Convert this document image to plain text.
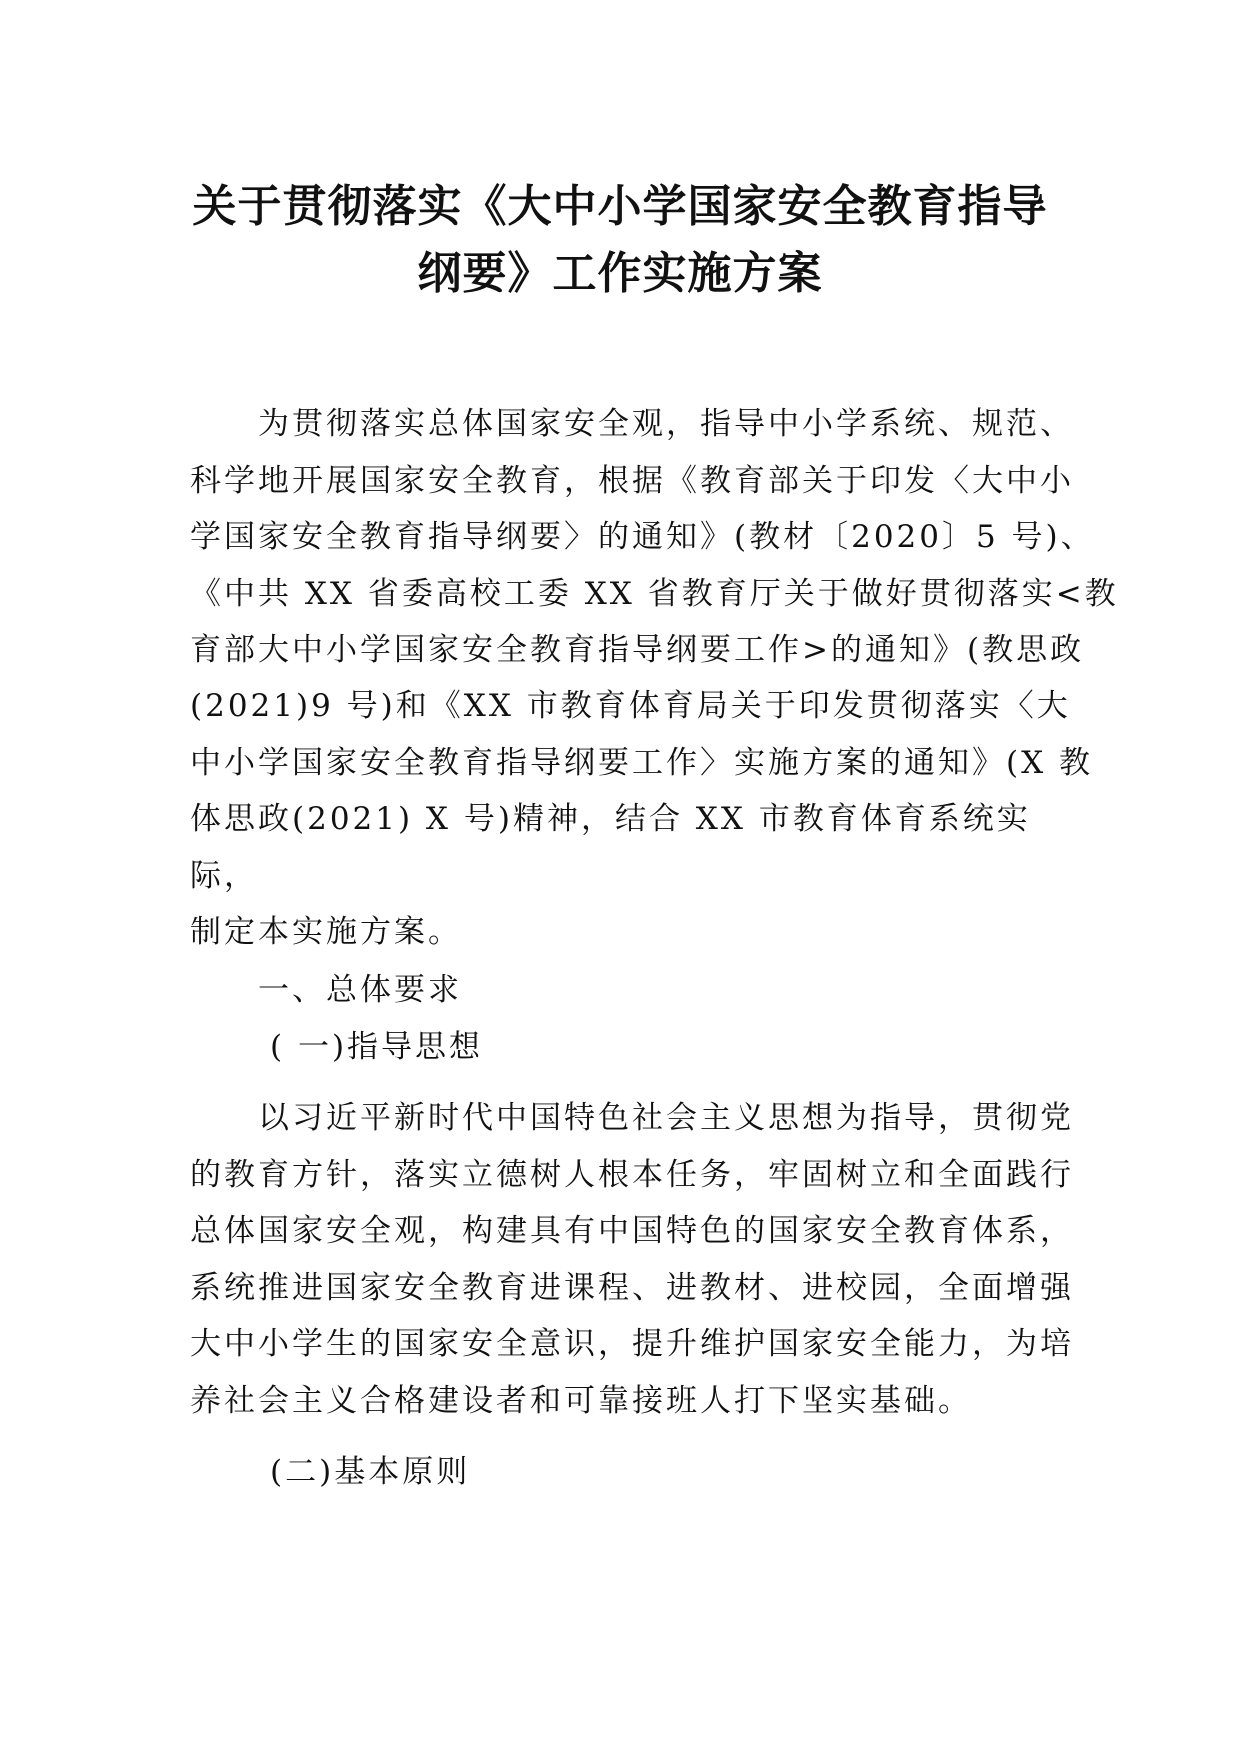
关于贯彻落实《大中小学国家安全教育指导
纲要》工作实施方案

为贯彻落实总体国家安全观，指导中小学系统、规范、

科学地开展国家安全教育，根据《教育部关于印发〈大中小

学国家安全教育指导纲要〉的通知》(教材〔2020〕5 号)、

《中共 XX 省委高校工委 XX 省教育厅关于做好贯彻落实<教

育部大中小学国家安全教育指导纲要工作>的通知》(教思政

(2021)9 号)和《XX 市教育体育局关于印发贯彻落实〈大

中小学国家安全教育指导纲要工作〉实施方案的通知》(X 教

体思政(2021) X 号)精神，结合 XX 市教育体育系统实

际，

制定本实施方案。

一、总体要求

( 一)指导思想

以习近平新时代中国特色社会主义思想为指导，贯彻党

的教育方针，落实立德树人根本任务，牢固树立和全面践行

总体国家安全观，构建具有中国特色的国家安全教育体系，

系统推进国家安全教育进课程、进教材、进校园，全面增强

大中小学生的国家安全意识，提升维护国家安全能力，为培

养社会主义合格建设者和可靠接班人打下坚实基础。

(二)基本原则
